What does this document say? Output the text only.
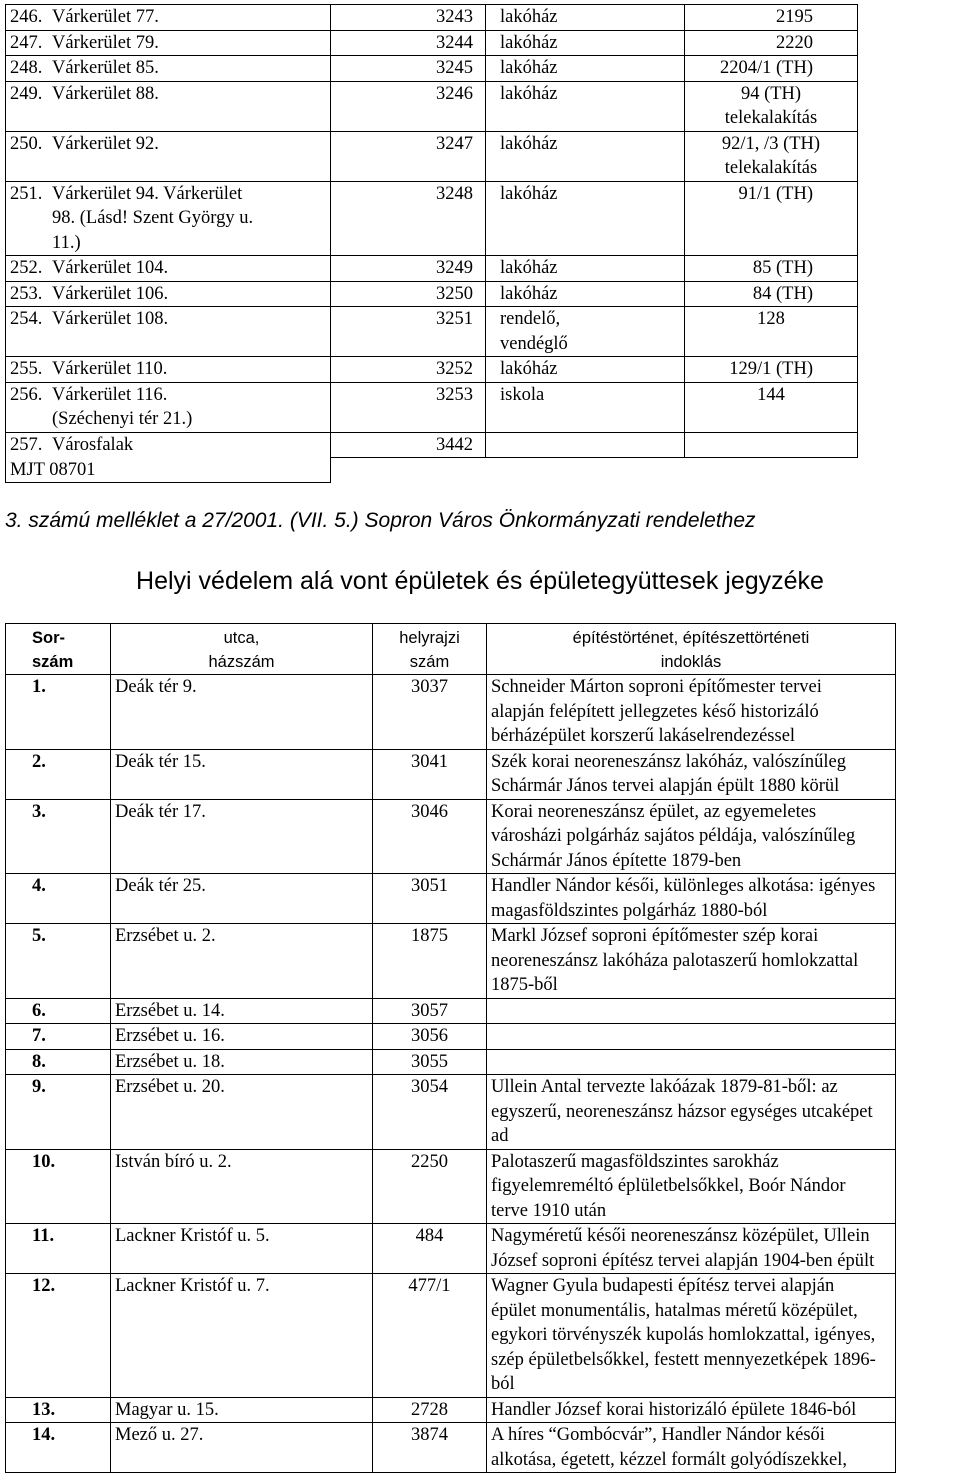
246. Várkerület 77.	3243	lakóház	2195

247. Várkerület 79.	3244	lakóház	2220

248. Várkerület 85.	3245	lakóház	2204/1 (TH)

249. Várkerület 88.	3246	lakóház	94 (TH)
telekalakítás

250. Várkerület 92.	3247	lakóház	92/1, /3 (TH)
telekalakítás

251. Várkerület 94. Várkerület
98. (Lásd! Szent György u.
11.)	3248	lakóház	91/1 (TH)

252. Várkerület 104.	3249	lakóház	85 (TH)

253. Várkerület 106.	3250	lakóház	84 (TH)

254. Várkerület 108.	3251	rendelő,
vendéglő	128

255. Várkerület 110.	3252	lakóház	129/1 (TH)

256. Várkerület 116.
(Széchenyi tér 21.)	3253	iskola	144

257. Városfalak	3442	

MJT 08701			
3. számú melléklet a 27/2001. (VII. 5.) Sopron Város Önkormányzati rendelethez
Helyi védelem alá vont épületek és épületegyüttesek jegyzéke
Sor-
szám	utca,
házszám	helyrajzi
szám	építéstörténet, építészettörténeti
indoklás
1.	Deák tér 9.	3037	Schneider Márton soproni építőmester tervei
alapján felépített jellegzetes késő historizáló
bérházépület korszerű lakáselrendezéssel

2.	Deák tér 15.	3041	Szék korai neoreneszánsz lakóház, valószínűleg
Schármár János tervei alapján épült 1880 körül

3.	Deák tér 17.	3046	Korai neoreneszánsz épület, az egyemeletes
városházi polgárház sajátos példája, valószínűleg
Schármár János építette 1879-ben

4.	Deák tér 25.	3051	Handler Nándor késői, különleges alkotása: igényes
magasföldszintes polgárház 1880-ból

5.	Erzsébet u. 2.	1875	Markl József soproni építőmester szép korai
neoreneszánsz lakóháza palotaszerű homlokzattal
1875-ből

6.	Erzsébet u. 14.	3057	
7.	Erzsébet u. 16.	3056	
8.	Erzsébet u. 18.	3055	
9.	Erzsébet u. 20.	3054	Ullein Antal tervezte lakóázak 1879-81-ből: az
egyszerű, neoreneszánsz házsor egységes utcaképet
ad

10.	István bíró u. 2.	2250	Palotaszerű magasföldszintes sarokház
figyelemreméltó éplületbelsőkkel, Boór Nándor
terve 1910 után

11.	Lackner Kristóf u. 5.	484	Nagyméretű késői neoreneszánsz középület, Ullein
József soproni építész tervei alapján 1904-ben épült

12.	Lackner Kristóf u. 7.	477/1	Wagner Gyula budapesti építész tervei alapján
épület monumentális, hatalmas méretű középület,
egykori törvényszék kupolás homlokzattal, igényes,
szép épületbelsőkkel, festett mennyezetképek 1896-
ból

13.	Magyar u. 15.	2728	Handler József korai historizáló épülete 1846-ból

14.	Mező u. 27.	3874	A híres “Gombócvár”, Handler Nándor késői
alkotása, égetett, kézzel formált golyódíszekkel,
